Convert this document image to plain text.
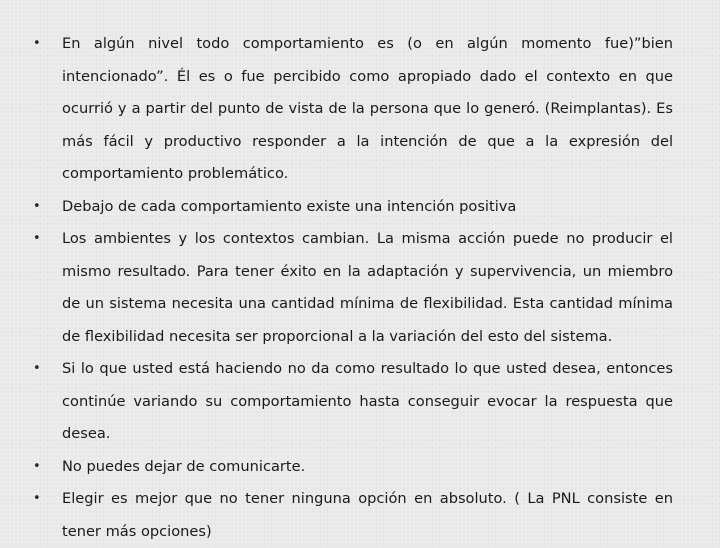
• En algún nivel todo comportamiento es (o en algún momento fue)”bien intencionado”. Él es o fue percibido como apropiado dado el contexto en que ocurrió y a partir del punto de vista de la persona que lo generó. (Reimplantas). Es más fácil y productivo responder a la intención de que a la expresión del comportamiento problemático.
• Debajo de cada comportamiento existe una intención positiva
• Los ambientes y los contextos cambian. La misma acción puede no producir el mismo resultado. Para tener éxito en la adaptación y supervivencia, un miembro de un sistema necesita una cantidad mínima de flexibilidad. Esta cantidad mínima de flexibilidad necesita ser proporcional a la variación del esto del sistema.
• Si lo que usted está haciendo no da como resultado lo que usted desea, entonces continúe variando su comportamiento hasta conseguir evocar la respuesta que desea.
• No puedes dejar de comunicarte.
• Elegir es mejor que no tener ninguna opción en absoluto. ( La PNL consiste en tener más opciones)
